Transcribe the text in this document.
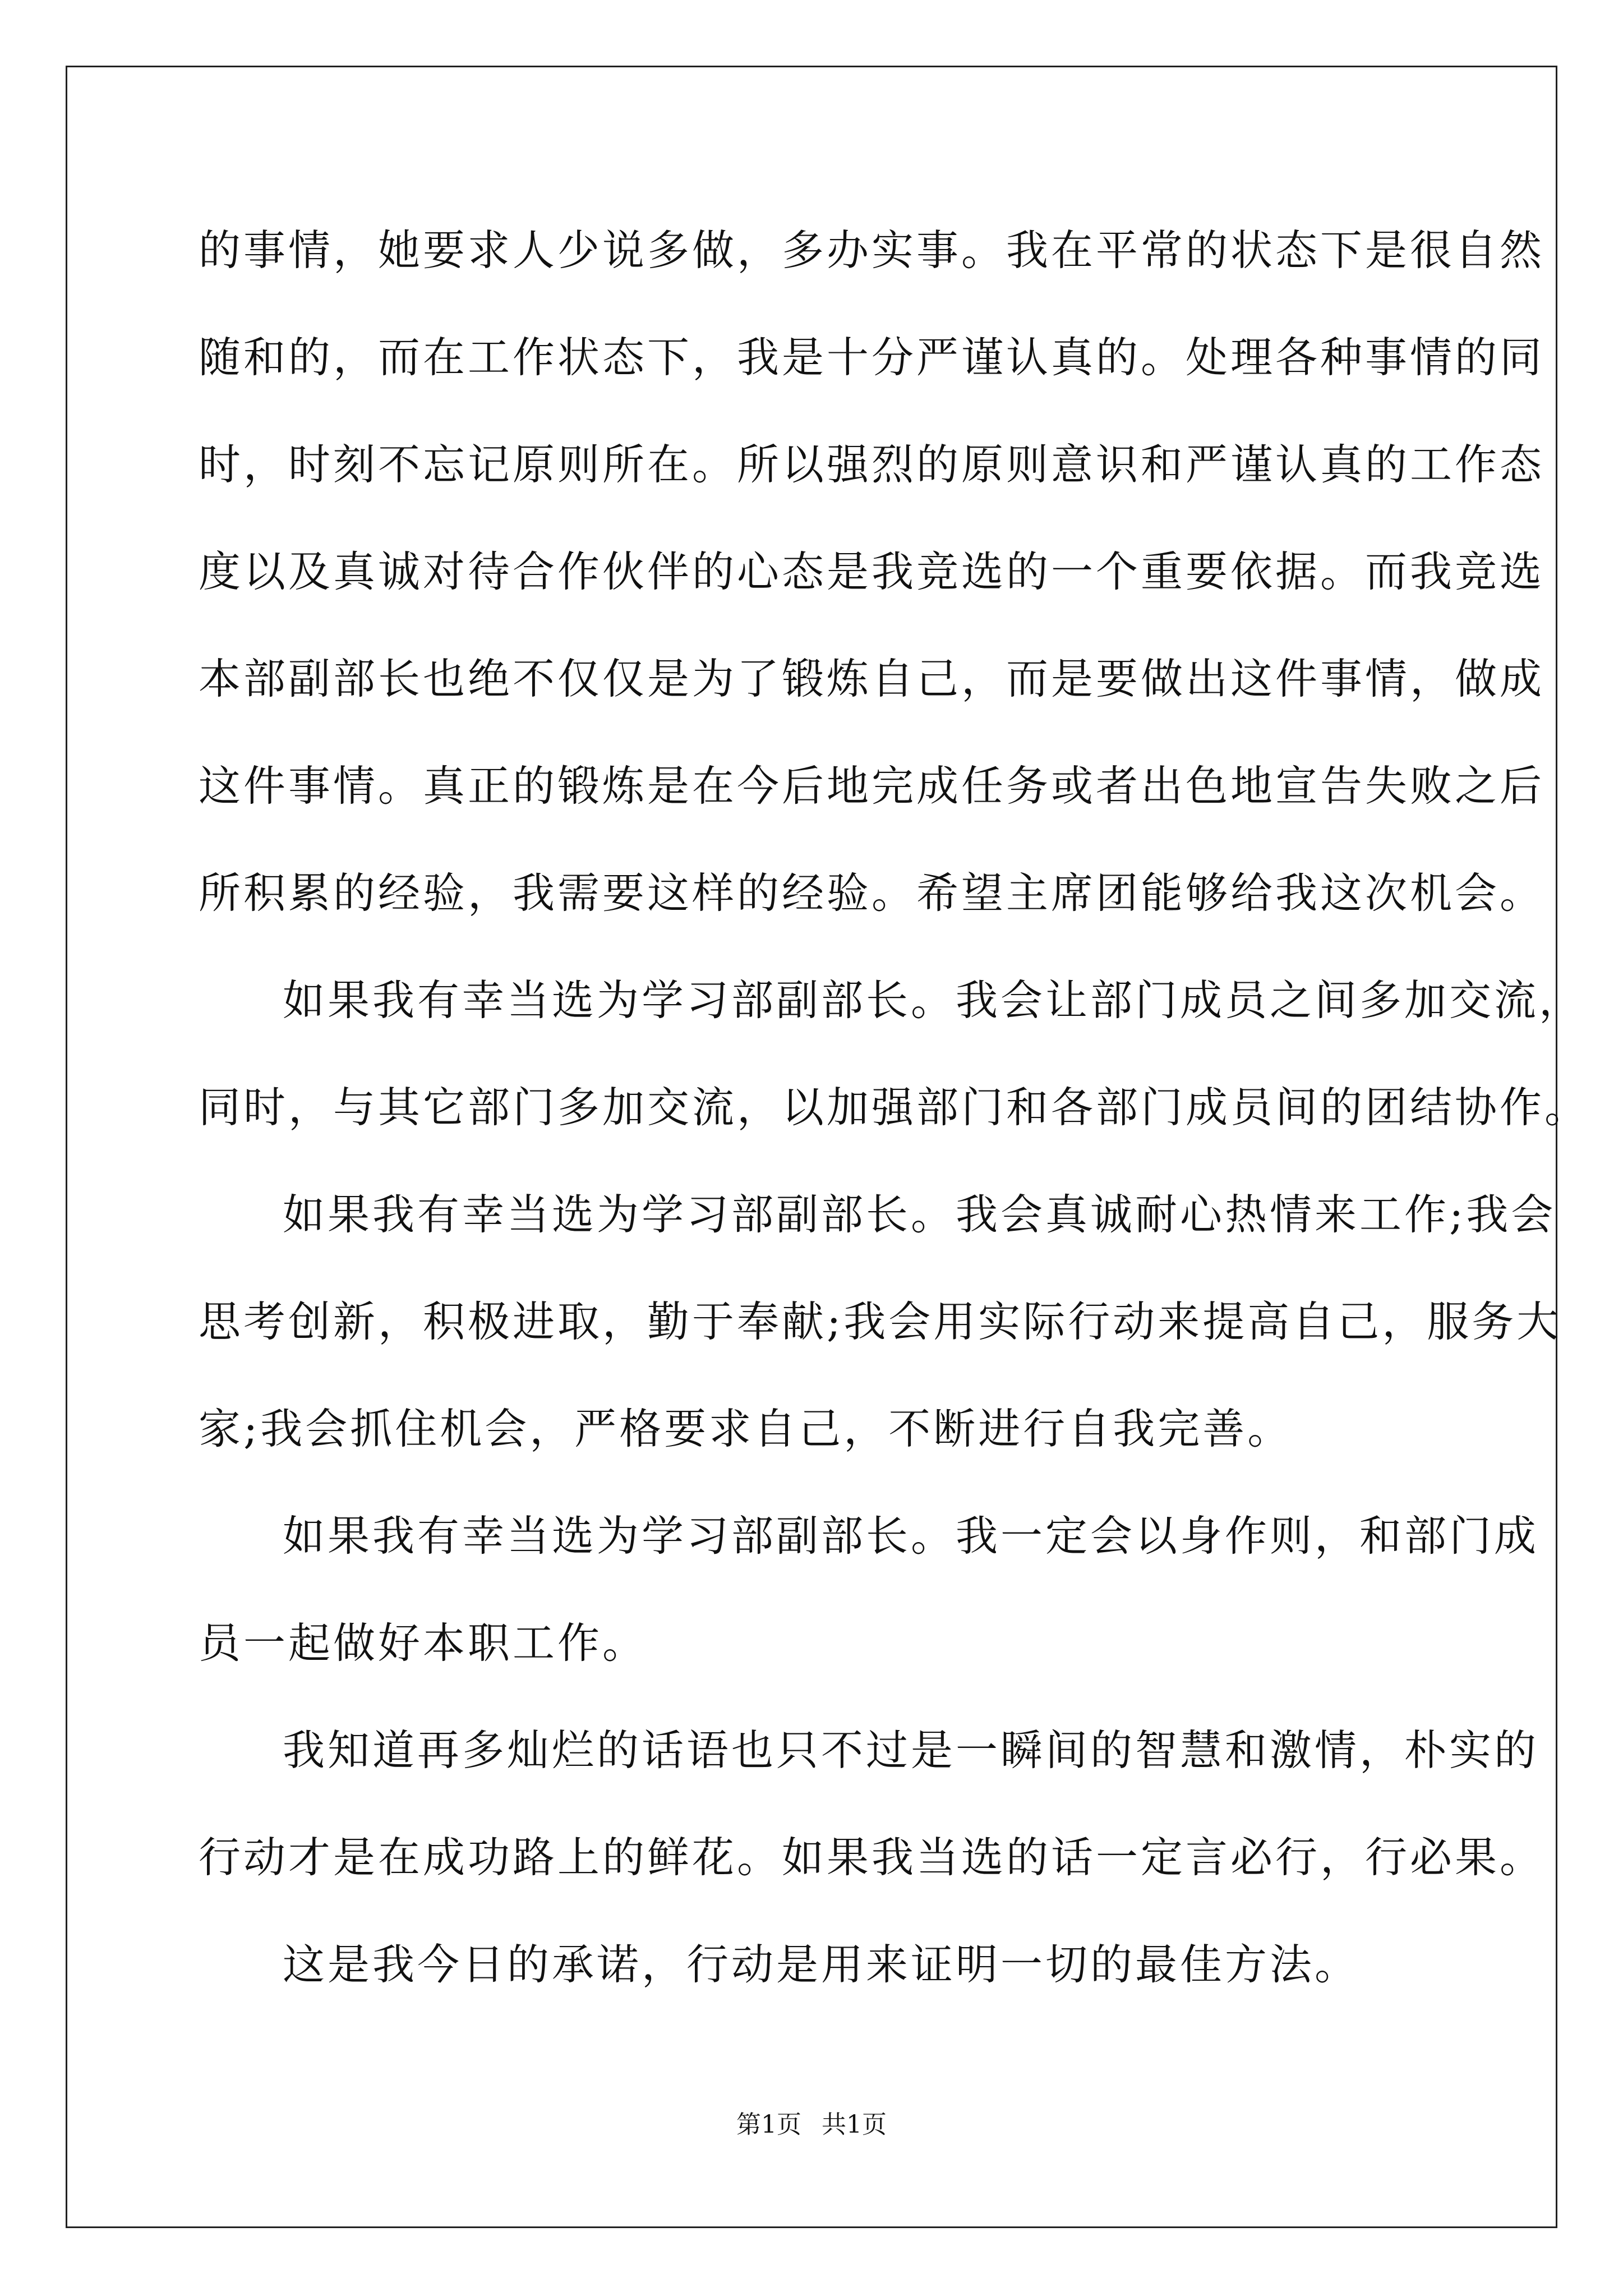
的事情，她要求人少说多做，多办实事。我在平常的状态下是很自然
随和的，而在工作状态下，我是十分严谨认真的。处理各种事情的同
时，时刻不忘记原则所在。所以强烈的原则意识和严谨认真的工作态
度以及真诚对待合作伙伴的心态是我竞选的一个重要依据。而我竞选
本部副部长也绝不仅仅是为了锻炼自己，而是要做出这件事情，做成
这件事情。真正的锻炼是在今后地完成任务或者出色地宣告失败之后
所积累的经验，我需要这样的经验。希望主席团能够给我这次机会。
如果我有幸当选为学习部副部长。我会让部门成员之间多加交流，
同时，与其它部门多加交流，以加强部门和各部门成员间的团结协作。
如果我有幸当选为学习部副部长。我会真诚耐心热情来工作;我会
思考创新，积极进取，勤于奉献;我会用实际行动来提高自己，服务大
家;我会抓住机会，严格要求自己，不断进行自我完善。
如果我有幸当选为学习部副部长。我一定会以身作则，和部门成
员一起做好本职工作。
我知道再多灿烂的话语也只不过是一瞬间的智慧和激情，朴实的
行动才是在成功路上的鲜花。如果我当选的话一定言必行，行必果。
这是我今日的承诺，行动是用来证明一切的最佳方法。
第1页 共1页
